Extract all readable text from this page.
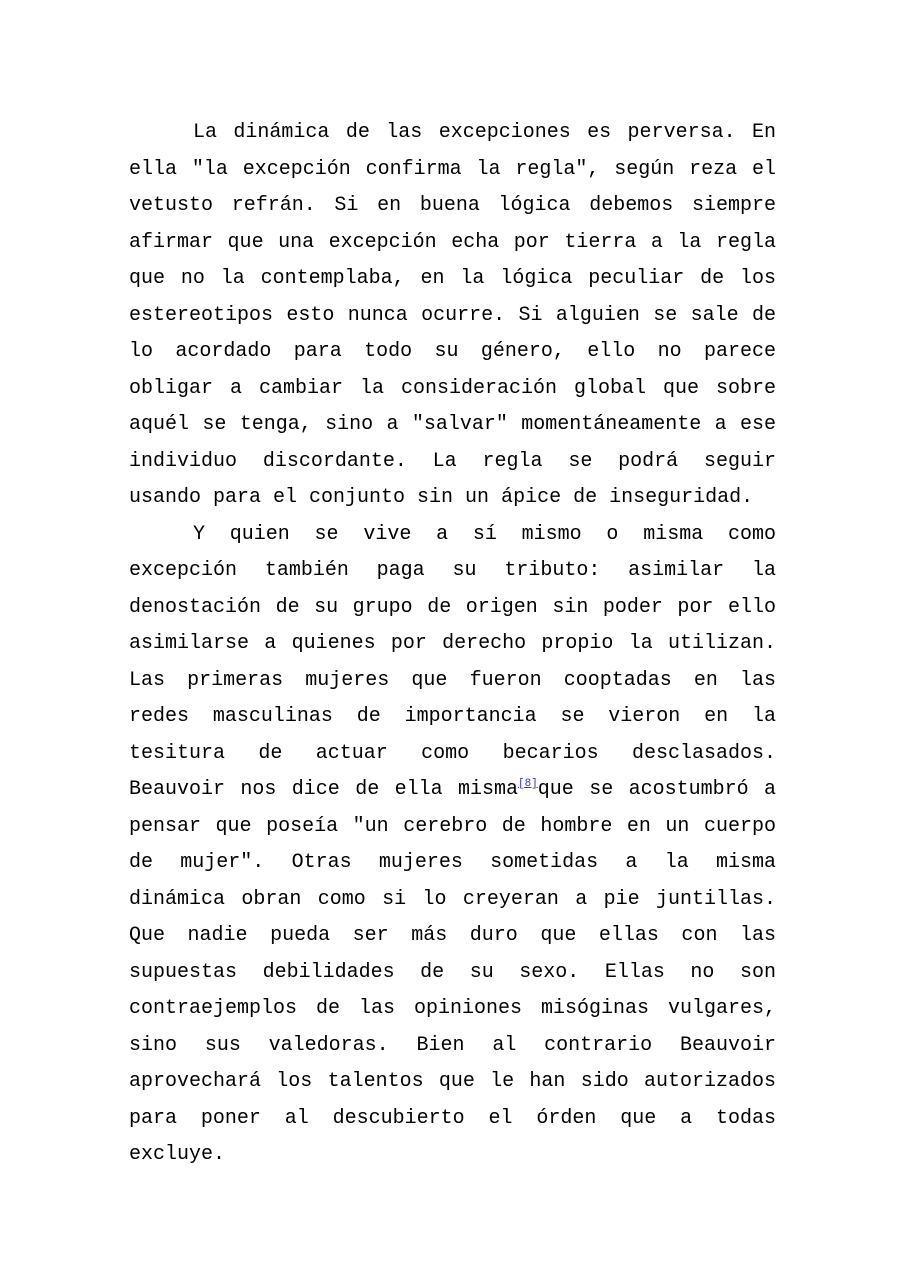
La dinámica de las excepciones es perversa. En
ella "la excepción confirma la regla", según reza el
vetusto refrán. Si en buena lógica debemos siempre
afirmar que una excepción echa por tierra a la regla
que no la contemplaba, en la lógica peculiar de los
estereotipos esto nunca ocurre. Si alguien se sale de
lo acordado para todo su género, ello no parece
obligar a cambiar la consideración global que sobre
aquél se tenga, sino a "salvar" momentáneamente a ese
individuo discordante. La regla se podrá seguir
usando para el conjunto sin un ápice de inseguridad.
Y quien se vive a sí mismo o misma como
excepción también paga su tributo: asimilar la
denostación de su grupo de origen sin poder por ello
asimilarse a quienes por derecho propio la utilizan.
Las primeras mujeres que fueron cooptadas en las
redes masculinas de importancia se vieron en la
tesitura de actuar como becarios desclasados.
Beauvoir nos dice de ella misma[8]que se acostumbró a
pensar que poseía "un cerebro de hombre en un cuerpo
de mujer". Otras mujeres sometidas a la misma
dinámica obran como si lo creyeran a pie juntillas.
Que nadie pueda ser más duro que ellas con las
supuestas debilidades de su sexo. Ellas no son
contraejemplos de las opiniones misóginas vulgares,
sino sus valedoras. Bien al contrario Beauvoir
aprovechará los talentos que le han sido autorizados
para poner al descubierto el órden que a todas
excluye.
